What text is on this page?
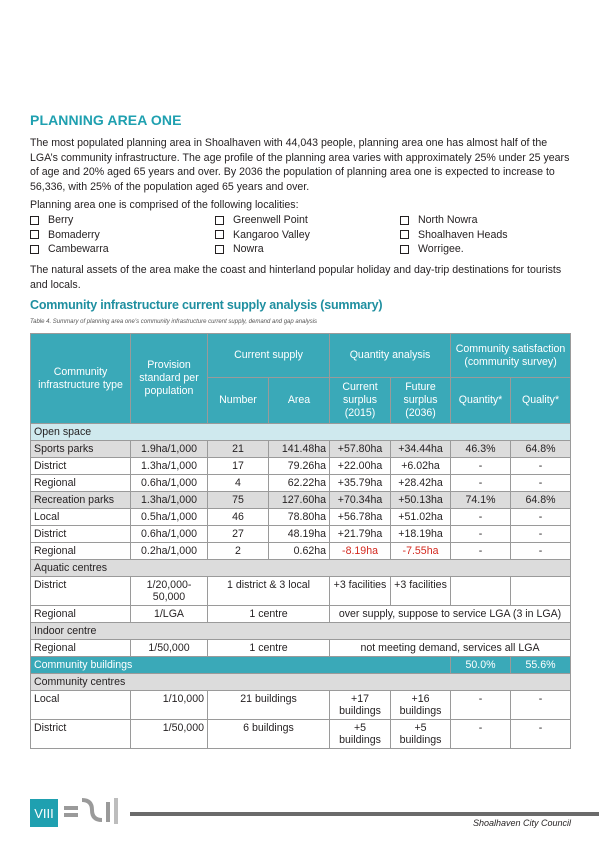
PLANNING AREA ONE

The most populated planning area in Shoalhaven with 44,043 people, planning area one has almost half of the LGA’s community infrastructure. The age profile of the planning area varies with approximately 25% under 25 years of age and 20% aged 65 years and over. By 2036 the population of planning area one is expected to increase to 56,336, with 25% of the population aged 65 years and over.

Planning area one is comprised of the following localities:

Berry	Greenwell Point	North Nowra
Bomaderry	Kangaroo Valley	Shoalhaven Heads
Cambewarra	Nowra	Worrigee.

The natural assets of the area make the coast and hinterland popular holiday and day-trip destinations for tourists and locals.

Community infrastructure current supply analysis (summary)
Table 4. Summary of planning area one’s community infrastructure current supply, demand and gap analysis
Community infrastructure type	Provision standard per population	Current supply		Quantity analysis		Community satisfaction (community survey)	
		Number	Area	Current surplus (2015)	Future surplus (2036)	Quantity*	Quality*
Open space							
Sports parks	1.9ha/1,000	21	141.48ha	+57.80ha	+34.44ha	46.3%	64.8%
District	1.3ha/1,000	17	79.26ha	+22.00ha	+6.02ha	-	-
Regional	0.6ha/1,000	4	62.22ha	+35.79ha	+28.42ha	-	-
Recreation parks	1.3ha/1,000	75	127.60ha	+70.34ha	+50.13ha	74.1%	64.8%
Local	0.5ha/1,000	46	78.80ha	+56.78ha	+51.02ha	-	-
District	0.6ha/1,000	27	48.19ha	+21.79ha	+18.19ha	-	-
Regional	0.2ha/1,000	2	0.62ha	-8.19ha	-7.55ha	-	-
Aquatic centres							
District	1/20,000-50,000	1 district & 3 local		+3 facilities	+3 facilities		
Regional	1/LGA	1 centre		over supply, suppose to service LGA (3 in LGA)			
Indoor centre							
Regional	1/50,000	1 centre		not meeting demand, services all LGA			
Community buildings						50.0%	55.6%
Community centres							
Local	1/10,000	21 buildings		+17 buildings	+16 buildings	-	-
District	1/50,000	6 buildings		+5 buildings	+5 buildings	-	-
VIII
Shoalhaven City Council
